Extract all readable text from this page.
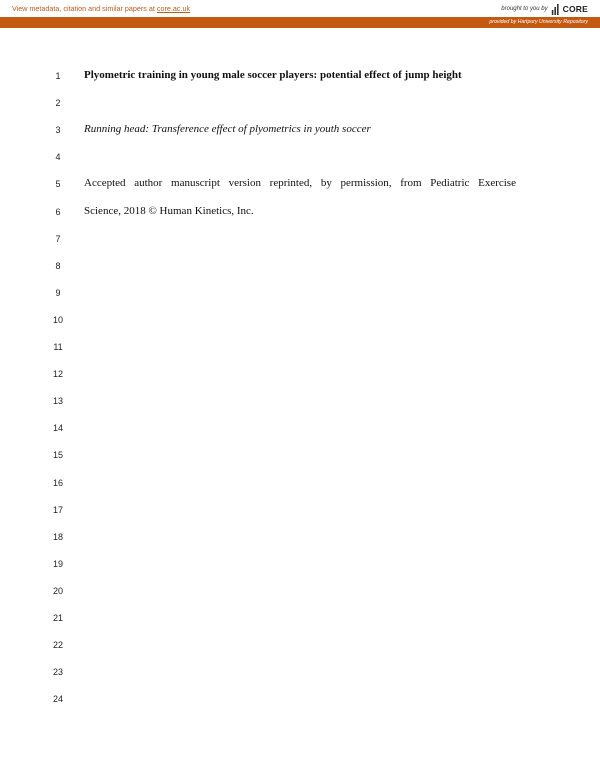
View metadata, citation and similar papers at core.ac.uk	brought to you by CORE
provided by Hartpury University Repository
1	Plyometric training in young male soccer players: potential effect of jump height
2
3	Running head: Transference effect of plyometrics in youth soccer
4
5	Accepted author manuscript version reprinted, by permission, from Pediatric Exercise
6	Science, 2018 © Human Kinetics, Inc.
7
8
9
10
11
12
13
14
15
16
17
18
19
20
21
22
23
24
